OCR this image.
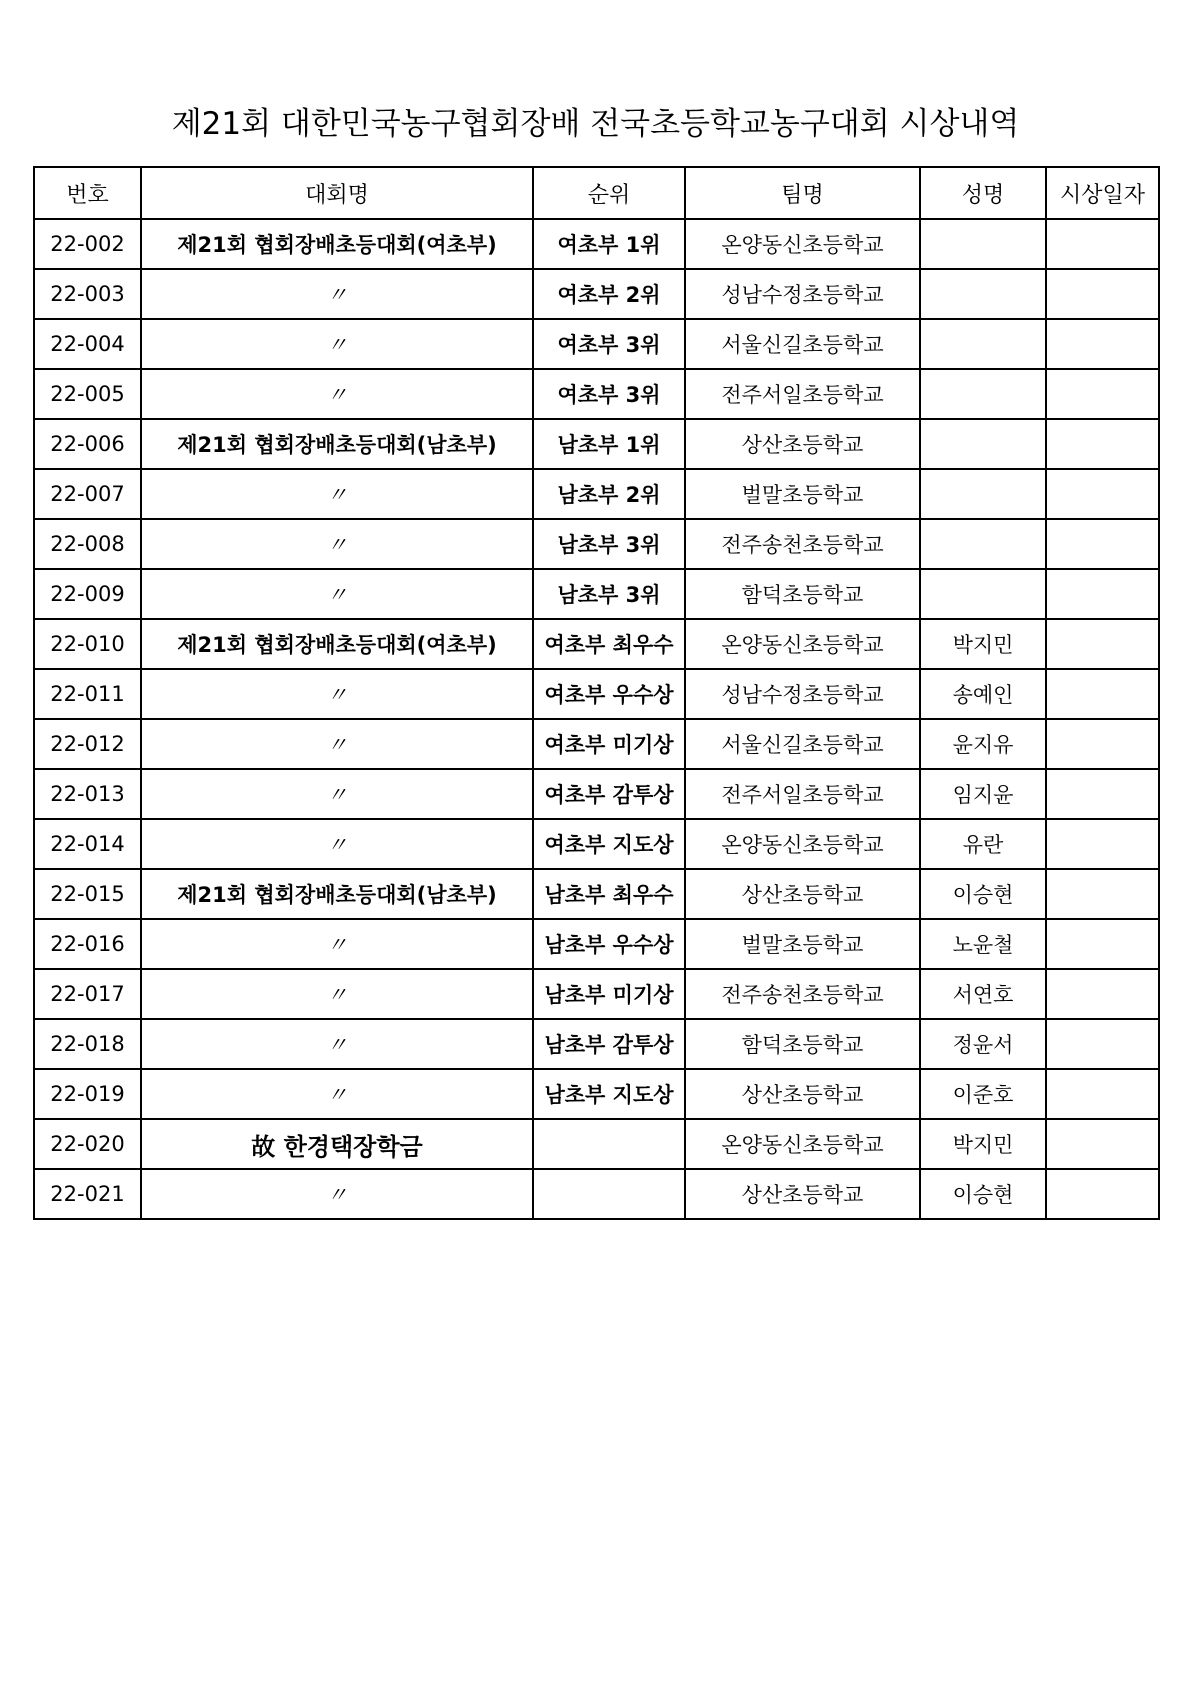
제21회 대한민국농구협회장배 전국초등학교농구대회 시상내역
번호	대회명	순위	팀명	성명	시상일자
22-002	제21회 협회장배초등대회(여초부)	여초부 1위	온양동신초등학교		
22-003	〃	여초부 2위	성남수정초등학교		
22-004	〃	여초부 3위	서울신길초등학교		
22-005	〃	여초부 3위	전주서일초등학교		
22-006	제21회 협회장배초등대회(남초부)	남초부 1위	상산초등학교		
22-007	〃	남초부 2위	벌말초등학교		
22-008	〃	남초부 3위	전주송천초등학교		
22-009	〃	남초부 3위	함덕초등학교		
22-010	제21회 협회장배초등대회(여초부)	여초부 최우수	온양동신초등학교	박지민	
22-011	〃	여초부 우수상	성남수정초등학교	송예인	
22-012	〃	여초부 미기상	서울신길초등학교	윤지유	
22-013	〃	여초부 감투상	전주서일초등학교	임지윤	
22-014	〃	여초부 지도상	온양동신초등학교	유란	
22-015	제21회 협회장배초등대회(남초부)	남초부 최우수	상산초등학교	이승현	
22-016	〃	남초부 우수상	벌말초등학교	노윤철	
22-017	〃	남초부 미기상	전주송천초등학교	서연호	
22-018	〃	남초부 감투상	함덕초등학교	정윤서	
22-019	〃	남초부 지도상	상산초등학교	이준호	
22-020	故 한경택장학금		온양동신초등학교	박지민	
22-021	〃		상산초등학교	이승현	
